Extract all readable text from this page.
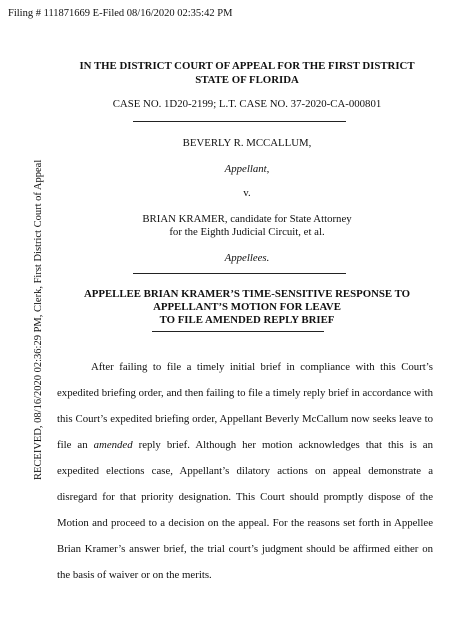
Filing # 111871669 E-Filed 08/16/2020 02:35:42 PM
RECEIVED, 08/16/2020 02:36:29 PM, Clerk, First District Court of Appeal
IN THE DISTRICT COURT OF APPEAL FOR THE FIRST DISTRICT
STATE OF FLORIDA
CASE NO. 1D20-2199; L.T. CASE NO. 37-2020-CA-000801
BEVERLY R. MCCALLUM,
Appellant,
v.
BRIAN KRAMER, candidate for State Attorney
for the Eighth Judicial Circuit, et al.
Appellees.
APPELLEE BRIAN KRAMER’S TIME-SENSITIVE RESPONSE TO
APPELLANT’S MOTION FOR LEAVE
TO FILE AMENDED REPLY BRIEF

After failing to file a timely initial brief in compliance with this Court’s expedited briefing order, and then failing to file a timely reply brief in accordance with this Court’s expedited briefing order, Appellant Beverly McCallum now seeks leave to file an amended reply brief. Although her motion acknowledges that this is an expedited elections case, Appellant’s dilatory actions on appeal demonstrate a disregard for that priority designation. This Court should promptly dispose of the Motion and proceed to a decision on the appeal. For the reasons set forth in Appellee Brian Kramer’s answer brief, the trial court’s judgment should be affirmed either on the basis of waiver or on the merits.
